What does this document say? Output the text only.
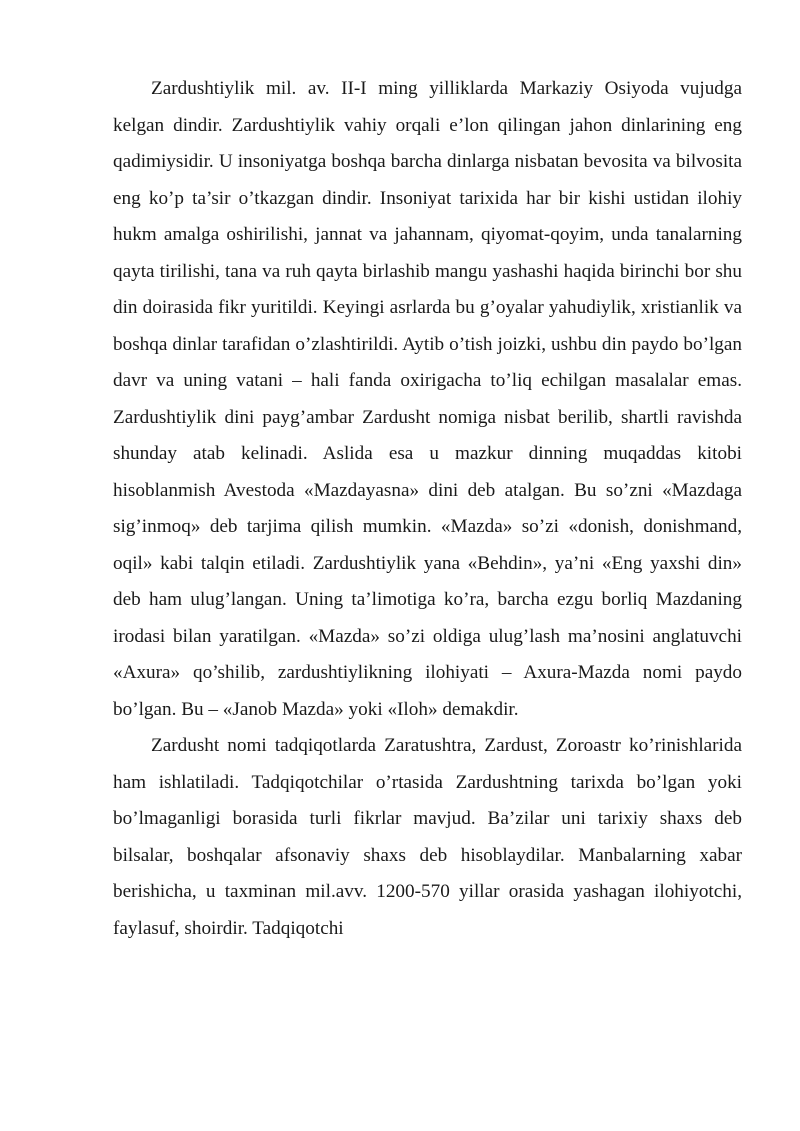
Zardushtiylik mil. av. II-I ming yilliklarda Markaziy Osiyoda vujudga kelgan dindir. Zardushtiylik vahiy orqali e’lon qilingan jahon dinlarining eng qadimiysidir. U insoniyatga boshqa barcha dinlarga nisbatan bevosita va bilvosita eng ko’p ta’sir o’tkazgan dindir. Insoniyat tarixida har bir kishi ustidan ilohiy hukm amalga oshirilishi, jannat va jahannam, qiyomat-qoyim, unda tanalarning qayta tirilishi, tana va ruh qayta birlashib mangu yashashi haqida birinchi bor shu din doirasida fikr yuritildi. Keyingi asrlarda bu g’oyalar yahudiylik, xristianlik va boshqa dinlar tarafidan o’zlashtirildi. Aytib o’tish joizki, ushbu din paydo bo’lgan davr va uning vatani – hali fanda oxirigacha to’liq echilgan masalalar emas. Zardushtiylik dini payg’ambar Zardusht nomiga nisbat berilib, shartli ravishda shunday atab kelinadi. Aslida esa u mazkur dinning muqaddas kitobi hisoblanmish Avestoda «Mazdayasna» dini deb atalgan. Bu so’zni «Mazdaga sig’inmoq» deb tarjima qilish mumkin. «Mazda» so’zi «donish, donishmand, oqil» kabi talqin etiladi. Zardushtiylik yana «Behdin», ya’ni «Eng yaxshi din» deb ham ulug’langan. Uning ta’limotiga ko’ra, barcha ezgu borliq Mazdaning irodasi bilan yaratilgan. «Mazda» so’zi oldiga ulug’lash ma’nosini anglatuvchi «Axura» qo’shilib, zardushtiylikning ilohiyati – Axura-Mazda nomi paydo bo’lgan. Bu – «Janob Mazda» yoki «Iloh» demakdir.

Zardusht nomi tadqiqotlarda Zaratushtra, Zardust, Zoroastr ko’rinishlarida ham ishlatiladi. Tadqiqotchilar o’rtasida Zardushtning tarixda bo’lgan yoki bo’lmaganligi borasida turli fikrlar mavjud. Ba’zilar uni tarixiy shaxs deb bilsalar, boshqalar afsonaviy shaxs deb hisoblaydilar. Manbalarning xabar berishicha, u taxminan mil.avv. 1200-570 yillar orasida yashagan ilohiyotchi, faylasuf, shoirdir. Tadqiqotchi
